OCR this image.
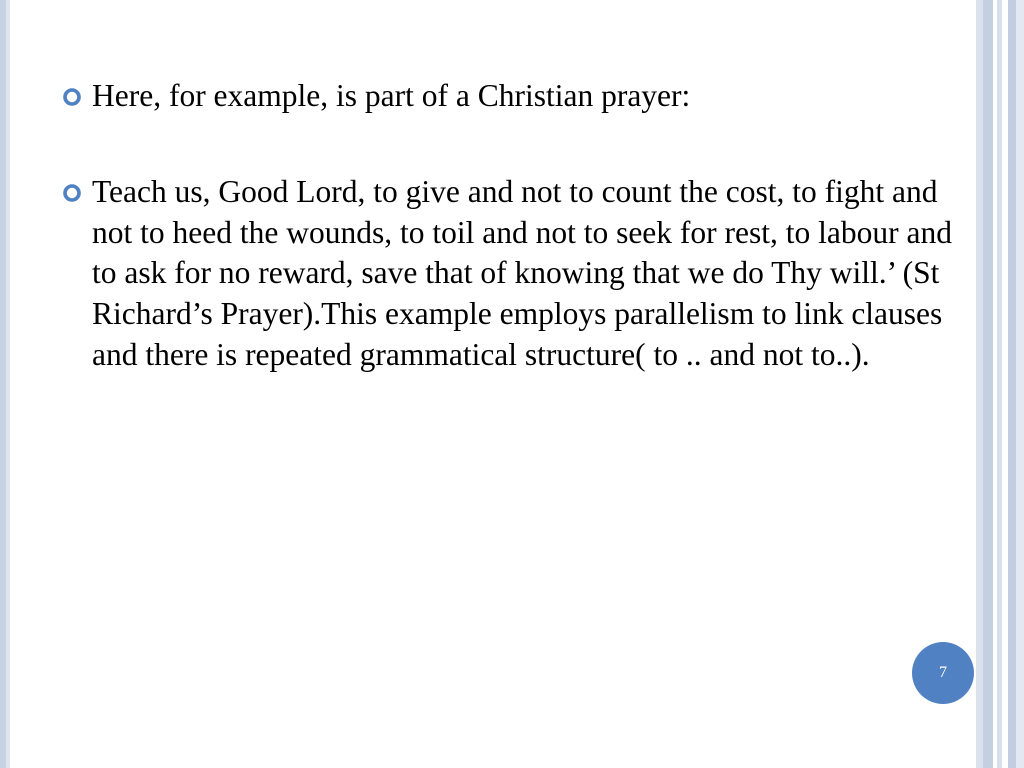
Here, for example, is part of a Christian prayer:
Teach us, Good Lord, to give and not to count the cost, to fight and not to heed the wounds, to toil and not to seek for rest, to labour and to ask for no reward, save that of knowing that we do Thy will.’ (St Richard’s Prayer).This example employs parallelism to link clauses and there is repeated grammatical structure( to .. and not to..).
7
